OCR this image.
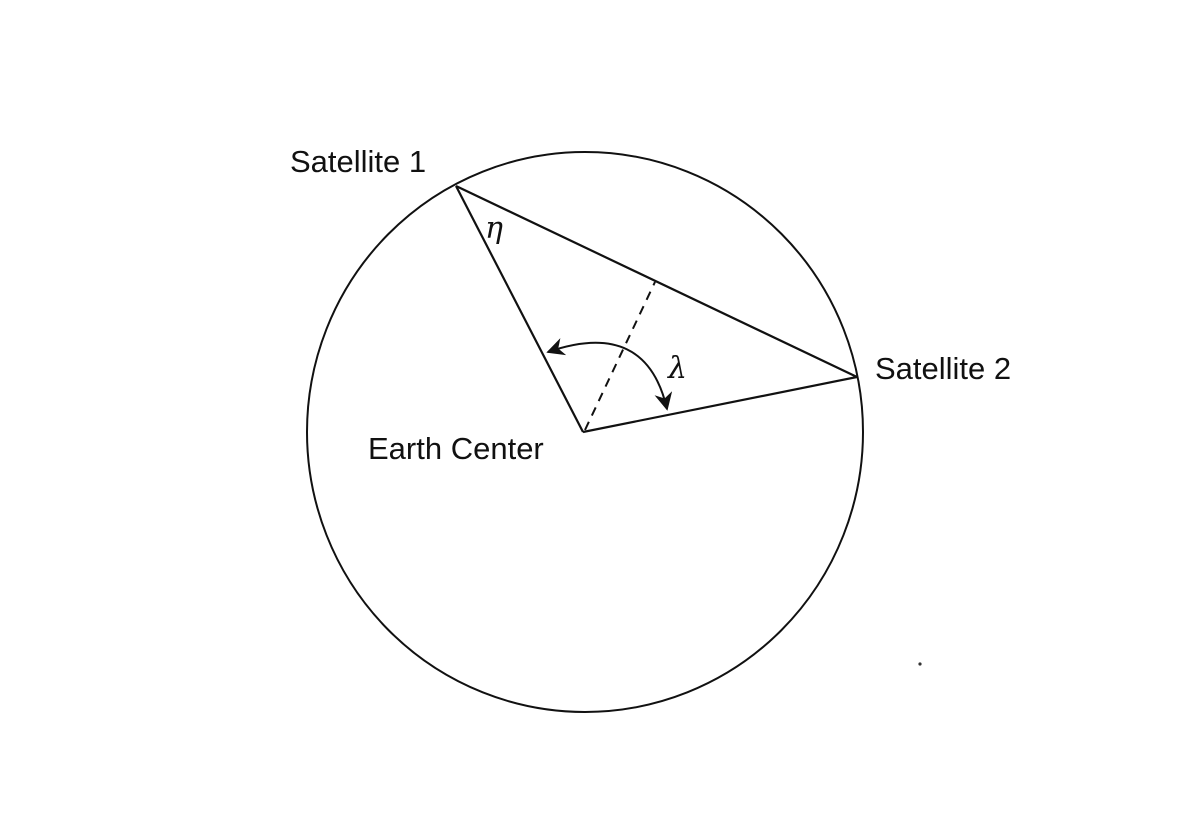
Satellite 1
Satellite 2
Earth Center
η
λ
